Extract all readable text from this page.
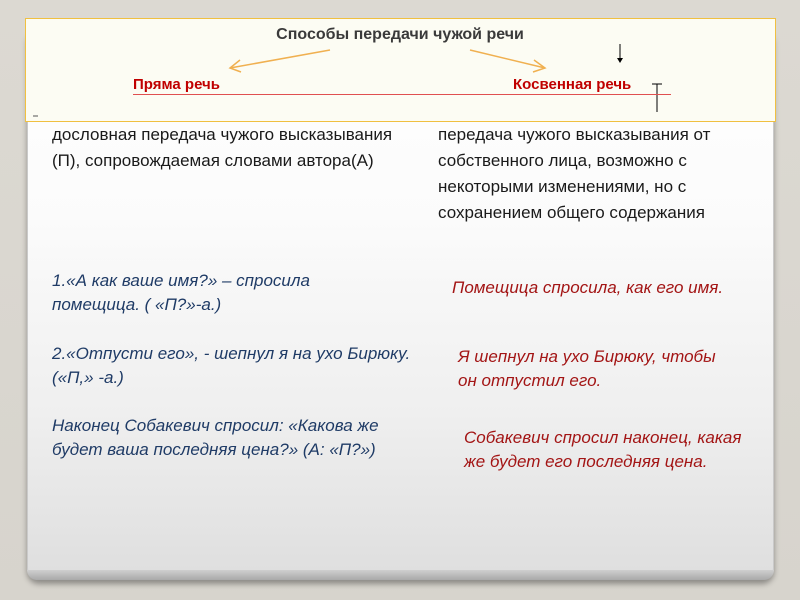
Способы передачи чужой речи
Пряма речь	Косвенная речь
дословная передача чужого высказывания (П), сопровождаемая словами автора(А)
передача чужого высказывания от собственного лица, возможно с некоторыми изменениями, но с сохранением общего содержания
1.«А как ваше имя?» – спросила помещица. ( «П?»-а.)
2.«Отпусти его», - шепнул я на ухо Бирюку. («П,» -а.)
Наконец Собакевич спросил: «Какова же будет ваша последняя цена?» (А: «П?»)
Помещица спросила, как его имя.
Я шепнул на ухо Бирюку, чтобы он отпустил его.
Собакевич спросил наконец, какая же будет его последняя цена.
